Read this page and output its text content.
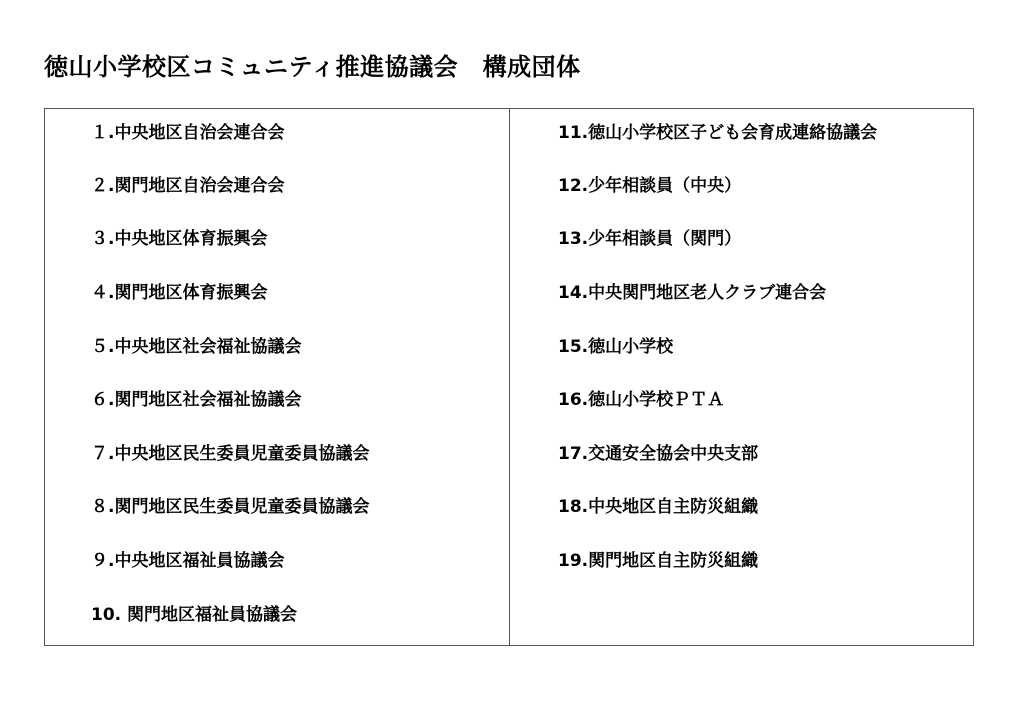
徳山小学校区コミュニティ推進協議会　構成団体
１.中央地区自治会連合会
２.関門地区自治会連合会
３.中央地区体育振興会
４.関門地区体育振興会
５.中央地区社会福祉協議会
６.関門地区社会福祉協議会
７.中央地区民生委員児童委員協議会
８.関門地区民生委員児童委員協議会
９.中央地区福祉員協議会
10. 関門地区福祉員協議会
11.徳山小学校区子ども会育成連絡協議会
12.少年相談員（中央）
13.少年相談員（関門）
14.中央関門地区老人クラブ連合会
15.徳山小学校
16.徳山小学校ＰＴＡ
17.交通安全協会中央支部
18.中央地区自主防災組織
19.関門地区自主防災組織
